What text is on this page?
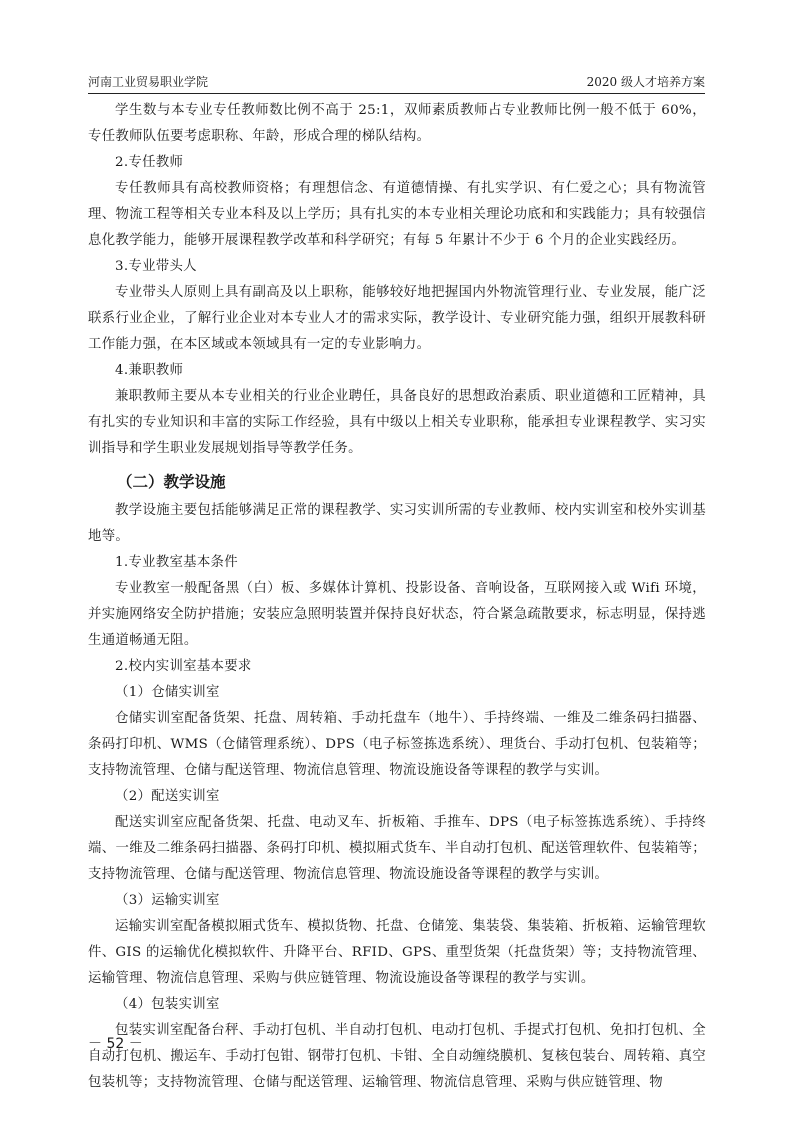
河南工业贸易职业学院	2020 级人才培养方案

学生数与本专业专任教师数比例不高于 25:1，双师素质教师占专业教师比例一般不低于 60%，专任教师队伍要考虑职称、年龄，形成合理的梯队结构。

2.专任教师

专任教师具有高校教师资格；有理想信念、有道德情操、有扎实学识、有仁爱之心；具有物流管理、物流工程等相关专业本科及以上学历；具有扎实的本专业相关理论功底和和实践能力；具有较强信息化教学能力，能够开展课程教学改革和科学研究；有每 5 年累计不少于 6 个月的企业实践经历。

3.专业带头人

专业带头人原则上具有副高及以上职称，能够较好地把握国内外物流管理行业、专业发展，能广泛联系行业企业，了解行业企业对本专业人才的需求实际，教学设计、专业研究能力强，组织开展教科研工作能力强，在本区域或本领域具有一定的专业影响力。

4.兼职教师

兼职教师主要从本专业相关的行业企业聘任，具备良好的思想政治素质、职业道德和工匠精神，具有扎实的专业知识和丰富的实际工作经验，具有中级以上相关专业职称，能承担专业课程教学、实习实训指导和学生职业发展规划指导等教学任务。

（二）教学设施

教学设施主要包括能够满足正常的课程教学、实习实训所需的专业教师、校内实训室和校外实训基地等。

1.专业教室基本条件

专业教室一般配备黑（白）板、多媒体计算机、投影设备、音响设备，互联网接入或 Wifi 环境，并实施网络安全防护措施；安装应急照明装置并保持良好状态，符合紧急疏散要求，标志明显，保持逃生通道畅通无阻。

2.校内实训室基本要求

（1）仓储实训室

仓储实训室配备货架、托盘、周转箱、手动托盘车（地牛）、手持终端、一维及二维条码扫描器、条码打印机、WMS（仓储管理系统）、DPS（电子标签拣选系统）、理货台、手动打包机、包装箱等；支持物流管理、仓储与配送管理、物流信息管理、物流设施设备等课程的教学与实训。

（2）配送实训室

配送实训室应配备货架、托盘、电动叉车、折板箱、手推车、DPS（电子标签拣选系统）、手持终端、一维及二维条码扫描器、条码打印机、模拟厢式货车、半自动打包机、配送管理软件、包装箱等；支持物流管理、仓储与配送管理、物流信息管理、物流设施设备等课程的教学与实训。

（3）运输实训室

运输实训室配备模拟厢式货车、模拟货物、托盘、仓储笼、集装袋、集装箱、折板箱、运输管理软件、GIS 的运输优化模拟软件、升降平台、RFID、GPS、重型货架（托盘货架）等；支持物流管理、运输管理、物流信息管理、采购与供应链管理、物流设施设备等课程的教学与实训。

（4）包装实训室

包装实训室配备台秤、手动打包机、半自动打包机、电动打包机、手提式打包机、免扣打包机、全自动打包机、搬运车、手动打包钳、钢带打包机、卡钳、全自动缠绕膜机、复核包装台、周转箱、真空包装机等；支持物流管理、仓储与配送管理、运输管理、物流信息管理、采购与供应链管理、物

－ 52 －
